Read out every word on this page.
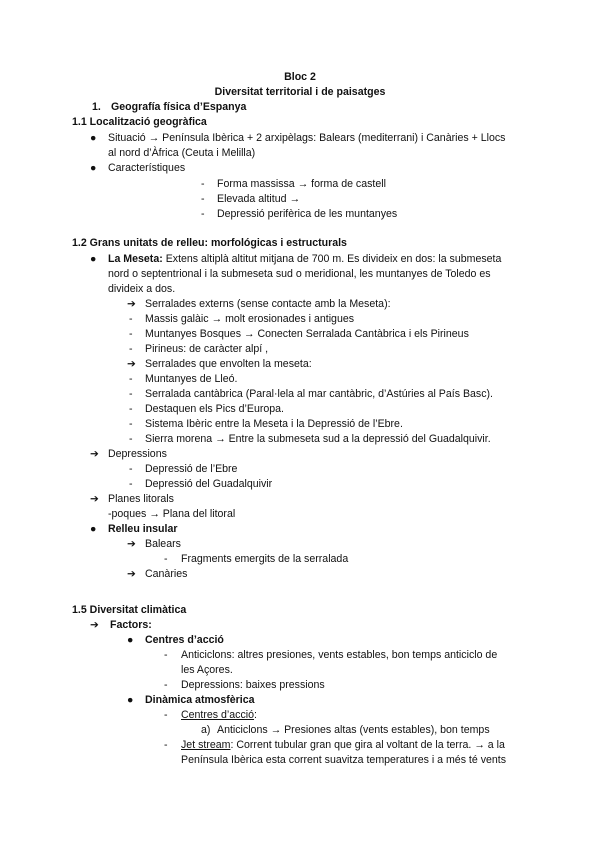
Bloc 2
Diversitat territorial i de paisatges
1. Geografía física d’Espanya
1.1 Localització geogràfica
● Situació → Península Ibèrica + 2 arxipèlags: Balears (mediterrani) i Canàries + Llocs
al nord d’Àfrica (Ceuta i Melilla)
● Característiques
- Forma massissa → forma de castell
- Elevada altitud →
- Depressió perifèrica de les muntanyes
1.2 Grans unitats de relleu: morfológicas i estructurals
● La Meseta: Extens altiplà altitut mitjana de 700 m. Es divideix en dos: la submeseta
nord o septentrional i la submeseta sud o meridional, les muntanyes de Toledo es
divideix a dos.
➔ Serralades externs (sense contacte amb la Meseta):
- Massis galàic → molt erosionades i antigues
- Muntanyes Bosques → Conecten Serralada Cantàbrica i els Pirineus
- Pirineus: de caràcter alpí ,
➔ Serralades que envolten la meseta:
- Muntanyes de Lleó.
- Serralada cantàbrica (Paral·lela al mar cantàbric, d’Astúries al País Basc).
- Destaquen els Pics d’Europa.
- Sistema Ibèric entre la Meseta i la Depressió de l’Ebre.
- Sierra morena → Entre la submeseta sud a la depressió del Guadalquivir.
➔ Depressions
- Depressió de l’Ebre
- Depressió del Guadalquivir
➔ Planes litorals
-poques → Plana del litoral
● Relleu insular
➔ Balears
- Fragments emergits de la serralada
➔ Canàries
1.5 Diversitat climàtica
➔ Factors:
● Centres d’acció
- Anticiclons: altres presiones, vents estables, bon temps anticiclo de
les Açores.
- Depressions: baixes pressions
● Dinàmica atmosfèrica
- Centres d’acció:
a) Anticiclons → Presiones altas (vents estables), bon temps
- Jet stream: Corrent tubular gran que gira al voltant de la terra. → a la
Península Ibèrica esta corrent suavitza temperatures i a més té vents
